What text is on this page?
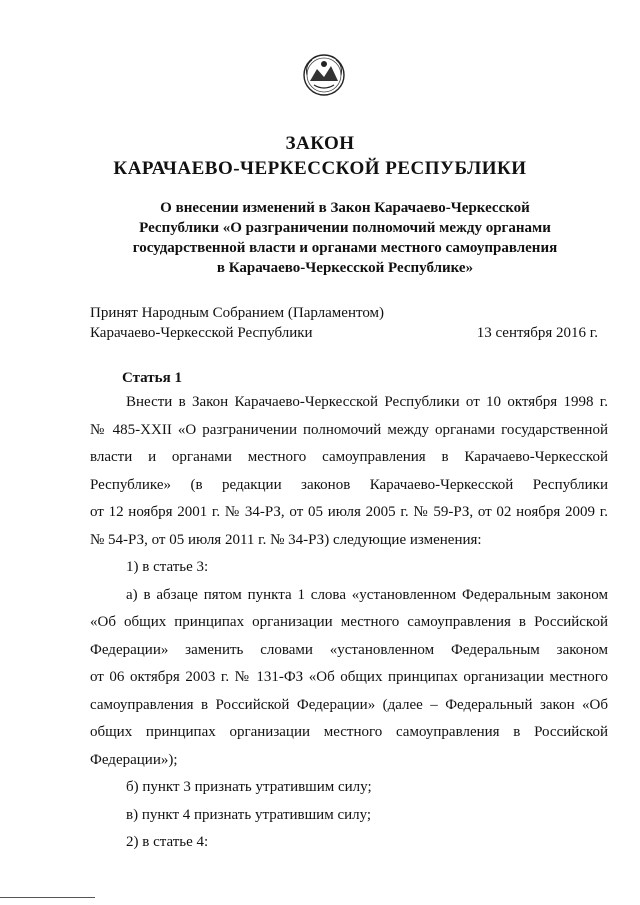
ЗАКОН
КАРАЧАЕВО-ЧЕРКЕССКОЙ РЕСПУБЛИКИ
О внесении изменений в Закон Карачаево-Черкесской
Республики «О разграничении полномочий между органами
государственной власти и органами местного самоуправления
в Карачаево-Черкесской Республике»
Принят Народным Собранием (Парламентом)
Карачаево-Черкесской Республики	13 сентября 2016 г.
Статья 1
Внести в Закон Карачаево-Черкесской Республики от 10 октября 1998 г.
№ 485-XXII «О разграничении полномочий между органами государственной
власти и органами местного самоуправления в Карачаево-Черкесской
Республике» (в редакции законов Карачаево-Черкесской Республики
от 12 ноября 2001 г. № 34-РЗ, от 05 июля 2005 г. № 59-РЗ, от 02 ноября 2009 г.
№ 54-РЗ, от 05 июля 2011 г. № 34-РЗ) следующие изменения:
1) в статье 3:
а) в абзаце пятом пункта 1 слова «установленном Федеральным законом
«Об общих принципах организации местного самоуправления в Российской
Федерации» заменить словами «установленном Федеральным законом
от 06 октября 2003 г. № 131-ФЗ «Об общих принципах организации местного
самоуправления в Российской Федерации» (далее – Федеральный закон «Об
общих принципах организации местного самоуправления в Российской
Федерации»);
б) пункт 3 признать утратившим силу;
в) пункт 4 признать утратившим силу;
2) в статье 4:
